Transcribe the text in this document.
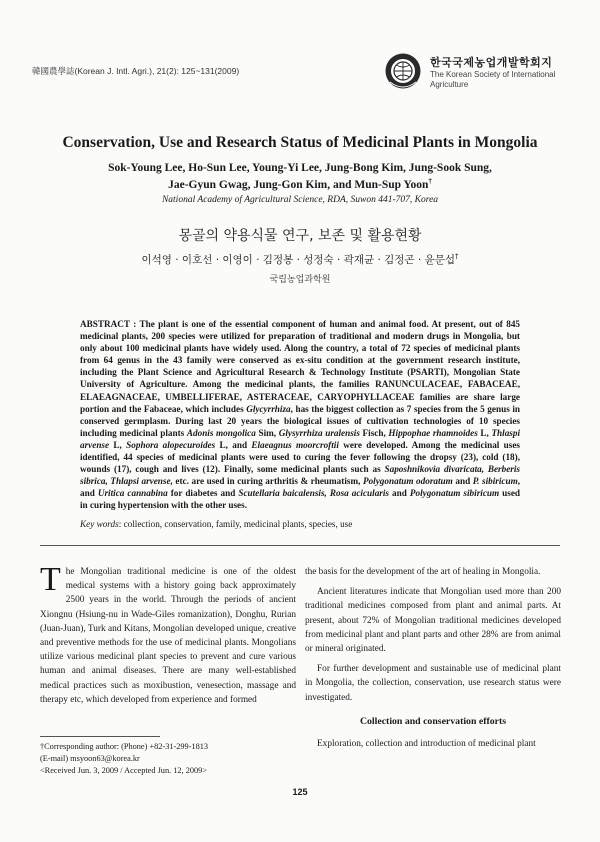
韓國農學誌(Korean J. Intl. Agri.), 21(2): 125~131(2009)
한국국제농업개발학회지
The Korean Society of International
Agriculture
Conservation, Use and Research Status of Medicinal Plants in Mongolia
Sok-Young Lee, Ho-Sun Lee, Young-Yi Lee, Jung-Bong Kim, Jung-Sook Sung,
Jae-Gyun Gwag, Jung-Gon Kim, and Mun-Sup Yoon†
National Academy of Agricultural Science, RDA, Suwon 441-707, Korea
몽골의 약용식물 연구, 보존 및 활용현황
이석영 · 이호선 · 이영이 · 김정봉 · 성정숙 · 곽재균 · 김정곤 · 윤문섭†
국립농업과학원
ABSTRACT : The plant is one of the essential component of human and animal food. At present, out of 845 medicinal plants, 200 species were utilized for preparation of traditional and modern drugs in Mongolia, but only about 100 medicinal plants have widely used. Along the country, a total of 72 species of medicinal plants from 64 genus in the 43 family were conserved as ex-situ condition at the government research institute, including the Plant Science and Agricultural Research & Technology Institute (PSARTI), Mongolian State University of Agriculture. Among the medicinal plants, the families RANUNCULACEAE, FABACEAE, ELAEAGNACEAE, UMBELLIFERAE, ASTERACEAE, CARYOPHYLLACEAE families are share large portion and the Fabaceae, which includes Glycyrrhiza, has the biggest collection as 7 species from the 5 genus in conserved germplasm. During last 20 years the biological issues of cultivation technologies of 10 species including medicinal plants Adonis mongolica Sim, Glysyrrhiza uralensis Fisch, Hippophae rhamnoides L, Thlaspi arvense L, Sophora alopecuroides L, and Elaeagnus moorcroftii were developed. Among the medicinal uses identified, 44 species of medicinal plants were used to curing the fever following the dropsy (23), cold (18), wounds (17), cough and lives (12). Finally, some medicinal plants such as Saposhnikovia divaricata, Berberis sibrica, Thlapsi arvense, etc. are used in curing arthritis & rheumatism, Polygonatum odoratum and P. sibiricum, and Uritica cannabina for diabetes and Scutellaria baicalensis, Rosa acicularis and Polygonatum sibiricum used in curing hypertension with the other uses.
Key words: collection, conservation, family, medicinal plants, species, use

The Mongolian traditional medicine is one of the oldest medical systems with a history going back approximately 2500 years in the world. Through the periods of ancient Xiongnu (Hsiung-nu in Wade-Giles romanization), Donghu, Rurian (Juan-Juan), Turk and Kitans, Mongolian developed unique, creative and preventive methods for the use of medicinal plants. Mongolians utilize various medicinal plant species to prevent and cure various human and animal diseases. There are many well-established medical practices such as moxibustion, venesection, massage and therapy etc, which developed from experience and formed

the basis for the development of the art of healing in Mongolia.

Ancient literatures indicate that Mongolian used more than 200 traditional medicines composed from plant and animal parts. At present, about 72% of Mongolian traditional medicines developed from medicinal plant and plant parts and other 28% are from animal or mineral originated.

For further development and sustainable use of medicinal plant in Mongolia, the collection, conservation, use research status were investigated.

Collection and conservation efforts

Exploration, collection and introduction of medicinal plant

†Corresponding author: (Phone) +82-31-299-1813
(E-mail) msyoon63@korea.kr
<Received Jun. 3, 2009 / Accepted Jun. 12, 2009>
125
